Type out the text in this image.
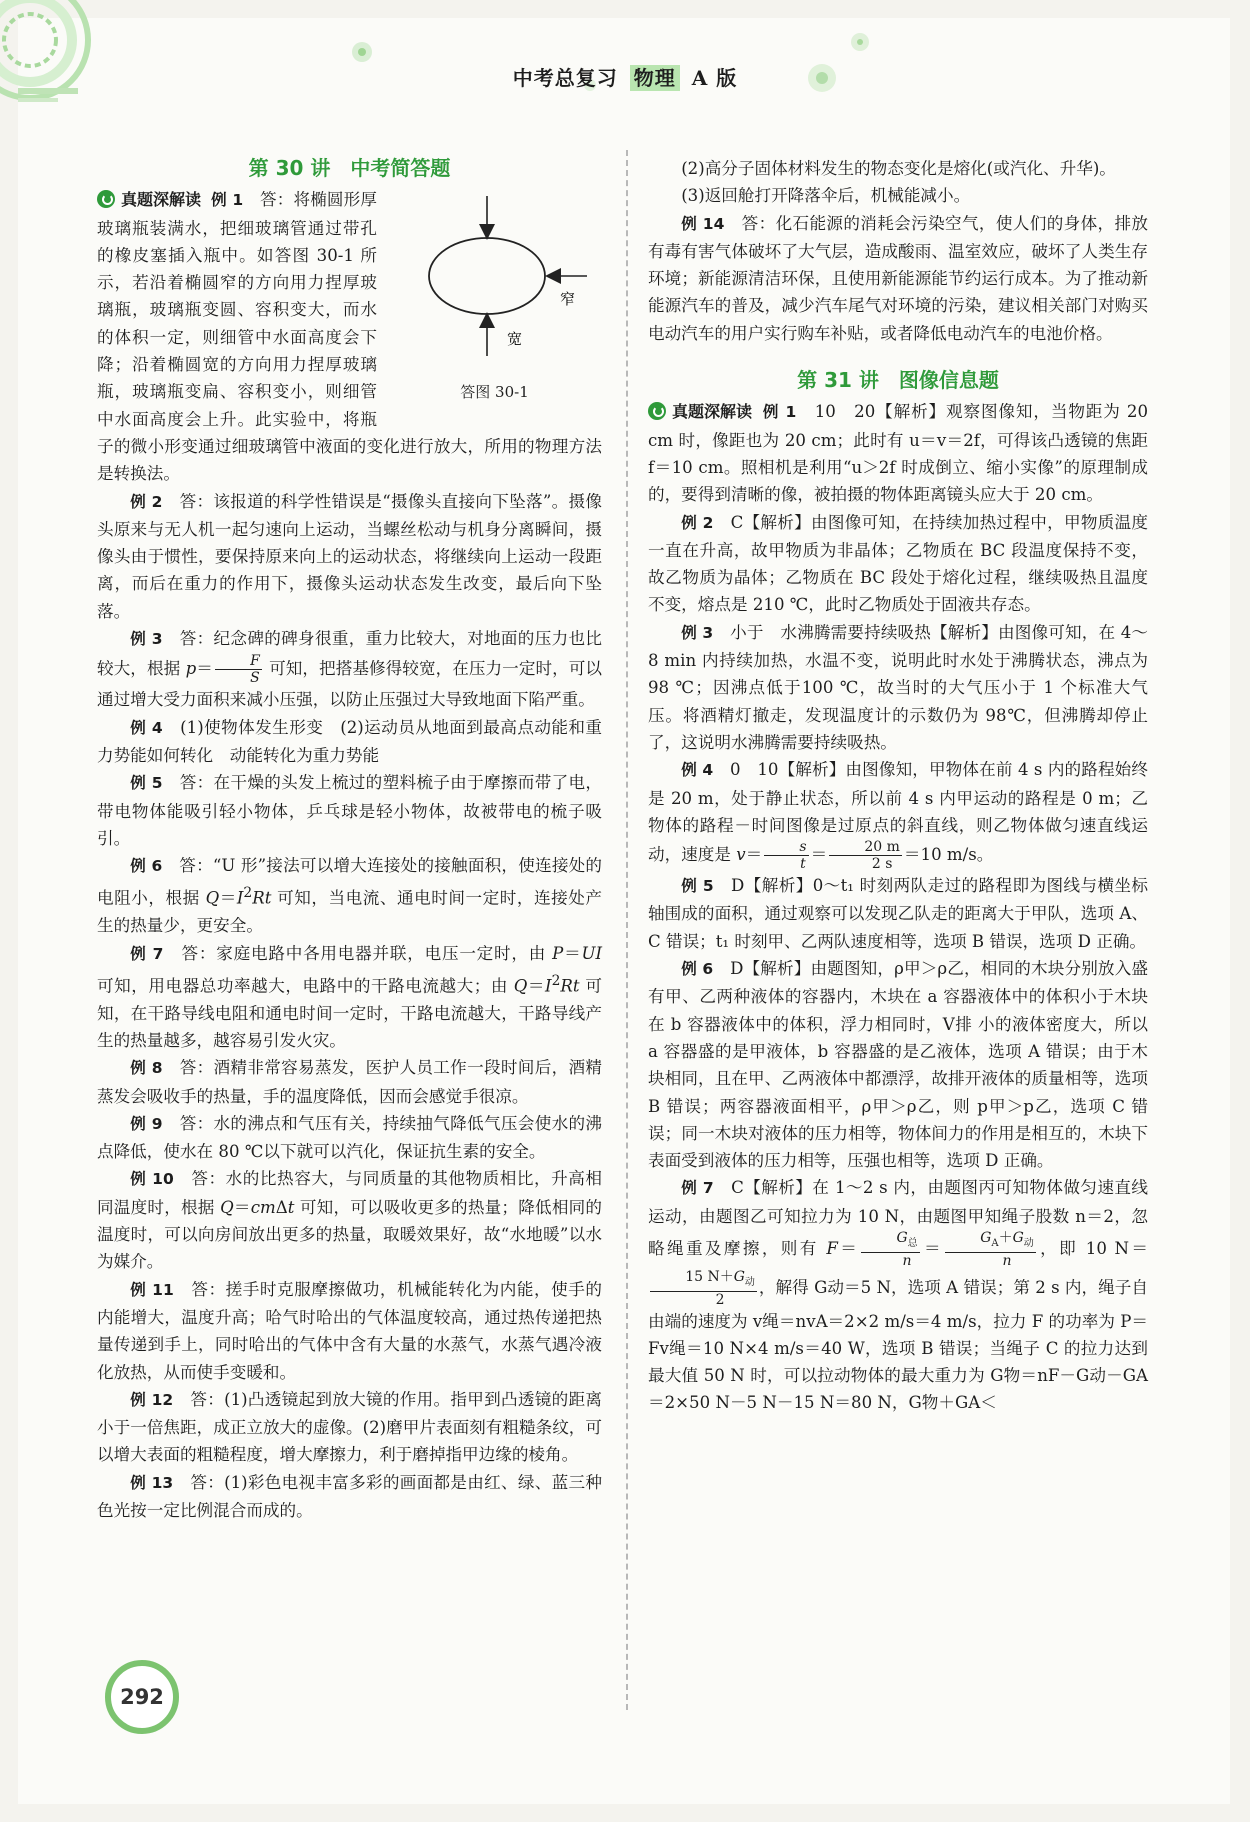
中考总复习 物理 A 版
第 30 讲　中考简答题
窄
宽
答图 30-1

真题深解读 例 1　 答：将椭圆形厚玻璃瓶装满水，把细玻璃管通过带孔的橡皮塞插入瓶中。如答图 30-1 所示，若沿着椭圆窄的方向用力捏厚玻璃瓶，玻璃瓶变圆、容积变大，而水的体积一定，则细管中水面高度会下降；沿着椭圆宽的方向用力捏厚玻璃瓶，玻璃瓶变扁、容积变小，则细管中水面高度会上升。此实验中，将瓶子的微小形变通过细玻璃管中液面的变化进行放大，所用的物理方法是转换法。

例 2　 答：该报道的科学性错误是“摄像头直接向下坠落”。摄像头原来与无人机一起匀速向上运动，当螺丝松动与机身分离瞬间，摄像头由于惯性，要保持原来向上的运动状态，将继续向上运动一段距离，而后在重力的作用下，摄像头运动状态发生改变，最后向下坠落。

例 3　 答：纪念碑的碑身很重，重力比较大，对地面的压力也比较大，根据 $p= \frac{F}{S}$ 可知，把搭基修得较宽，在压力一定时，可以通过增大受力面积来减小压强，以防止压强过大导致地面下陷严重。

例 4　 (1)使物体发生形变　(2)运动员从地面到最高点动能和重力势能如何转化　动能转化为重力势能

例 5　 答：在干燥的头发上梳过的塑料梳子由于摩擦而带了电，带电物体能吸引轻小物体，乒乓球是轻小物体，故被带电的梳子吸引。

例 6　 答：“U 形”接法可以增大连接处的接触面积，使连接处的电阻小，根据 $Q=I^2Rt$ 可知，当电流、通电时间一定时，连接处产生的热量少，更安全。

例 7　 答：家庭电路中各用电器并联，电压一定时，由 P＝UI 可知，用电器总功率越大，电路中的干路电流越大；由 $Q=I^2Rt$ 可知，在干路导线电阻和通电时间一定时，干路电流越大，干路导线产生的热量越多，越容易引发火灾。

例 8　 答：酒精非常容易蒸发，医护人员工作一段时间后，酒精蒸发会吸收手的热量，手的温度降低，因而会感觉手很凉。

例 9　 答：水的沸点和气压有关，持续抽气降低气压会使水的沸点降低，使水在 80 ℃以下就可以汽化，保证抗生素的安全。

例 10　 答：水的比热容大，与同质量的其他物质相比，升高相同温度时，根据 Q＝cmΔt 可知，可以吸收更多的热量；降低相同的温度时，可以向房间放出更多的热量，取暖效果好，故“水地暖”以水为媒介。

例 11　 答：搓手时克服摩擦做功，机械能转化为内能，使手的内能增大，温度升高；哈气时哈出的气体温度较高，通过热传递把热量传递到手上，同时哈出的气体中含有大量的水蒸气，水蒸气遇冷液化放热，从而使手变暖和。

例 12　 答：(1)凸透镜起到放大镜的作用。指甲到凸透镜的距离小于一倍焦距，成正立放大的虚像。(2)磨甲片表面刻有粗糙条纹，可以增大表面的粗糙程度，增大摩擦力，利于磨掉指甲边缘的棱角。

例 13　 答：(1)彩色电视丰富多彩的画面都是由红、绿、蓝三种色光按一定比例混合而成的。

(2)高分子固体材料发生的物态变化是熔化(或汽化、升华)。

(3)返回舱打开降落伞后，机械能减小。

例 14　 答：化石能源的消耗会污染空气，使人们的身体，排放有毒有害气体破坏了大气层，造成酸雨、温室效应，破坏了人类生存环境；新能源清洁环保，且使用新能源能节约运行成本。为了推动新能源汽车的普及，减少汽车尾气对环境的污染，建议相关部门对购买电动汽车的用户实行购车补贴，或者降低电动汽车的电池价格。

第 31 讲　图像信息题

真题深解读 例 1　 10　20【解析】观察图像知，当物距为 20 cm 时，像距也为 20 cm；此时有 u＝v＝2f，可得该凸透镜的焦距 f＝10 cm。照相机是利用“u＞2f 时成倒立、缩小实像”的原理制成的，要得到清晰的像，被拍摄的物体距离镜头应大于 20 cm。

例 2　 C【解析】由图像可知，在持续加热过程中，甲物质温度一直在升高，故甲物质为非晶体；乙物质在 BC 段温度保持不变，故乙物质为晶体；乙物质在 BC 段处于熔化过程，继续吸热且温度不变，熔点是 210 ℃，此时乙物质处于固液共存态。

例 3　 小于　水沸腾需要持续吸热【解析】由图像可知，在 4～8 min 内持续加热，水温不变，说明此时水处于沸腾状态，沸点为 98 ℃；因沸点低于100 ℃，故当时的大气压小于 1 个标准大气压。将酒精灯撤走，发现温度计的示数仍为 98℃，但沸腾却停止了，这说明水沸腾需要持续吸热。

例 4　 0　10【解析】由图像知，甲物体在前 4 s 内的路程始终是 20 m，处于静止状态，所以前 4 s 内甲运动的路程是 0 m；乙物体的路程－时间图像是过原点的斜直线，则乙物体做匀速直线运动，速度是 $v= \frac{s}{t} = \frac{20 m}{2 s} =10$ m/s。

例 5　 D【解析】0～t₁ 时刻两队走过的路程即为图线与横坐标轴围成的面积，通过观察可以发现乙队走的距离大于甲队，选项 A、C 错误；t₁ 时刻甲、乙两队速度相等，选项 B 错误，选项 D 正确。

例 6　 D【解析】由题图知，ρ甲＞ρ乙，相同的木块分别放入盛有甲、乙两种液体的容器内，木块在 a 容器液体中的体积小于木块在 b 容器液体中的体积，浮力相同时，V排 小的液体密度大，所以 a 容器盛的是甲液体，b 容器盛的是乙液体，选项 A 错误；由于木块相同，且在甲、乙两液体中都漂浮，故排开液体的质量相等，选项 B 错误；两容器液面相平，ρ甲＞ρ乙，则 p甲＞p乙，选项 C 错误；同一木块对液体的压力相等，物体间力的作用是相互的，木块下表面受到液体的压力相等，压强也相等，选项 D 正确。

例 7　 C【解析】在 1～2 s 内，由题图丙可知物体做匀速直线运动，由题图乙可知拉力为 10 N，由题图甲知绳子股数 n＝2，忽略绳重及摩擦，则有 $F= \frac{G_总}{n} = \frac{G_A+G_动}{n}$ ，即 10 N＝
$\frac{15 N+G_动}{2}$ ，解得 G动＝5 N，选项 A 错误；第 2 s 内，绳子自由端的速度为 v绳＝nvA＝2×2 m/s＝4 m/s，拉力 F 的功率为 P＝Fv绳＝10 N×4 m/s＝40 W，选项 B 错误；当绳子 C 的拉力达到最大值 50 N 时，可以拉动物体的最大重力为 G物＝nF－G动－GA＝2×50 N－5 N－15 N＝80 N，G物＋GA＜

292
